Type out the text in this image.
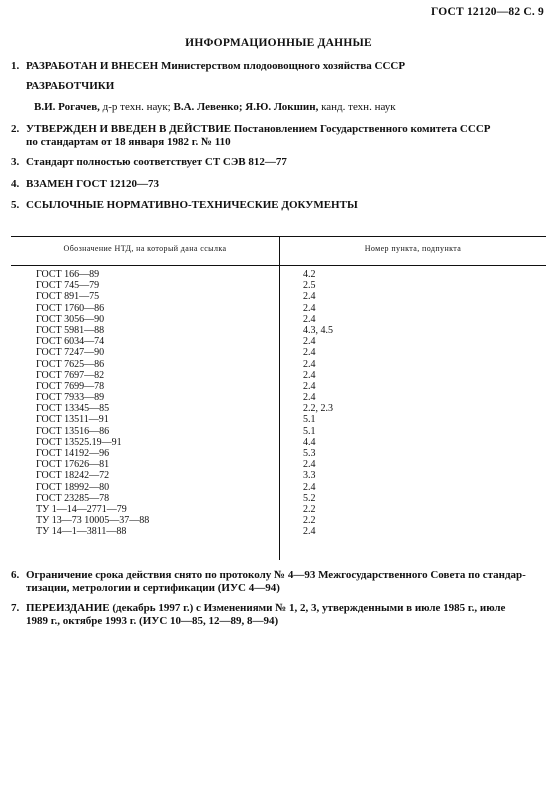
ГОСТ 12120—82 С. 9
ИНФОРМАЦИОННЫЕ ДАННЫЕ
1. РАЗРАБОТАН И ВНЕСЕН Министерством плодоовощного хозяйства СССР
РАЗРАБОТЧИКИ
В.И. Рогачев, д-р техн. наук; В.А. Левенко; Я.Ю. Локшин, канд. техн. наук
2. УТВЕРЖДЕН И ВВЕДЕН В ДЕЙСТВИЕ Постановлением Государственного комитета СССР
по стандартам от 18 января 1982 г. № 110
3. Стандарт полностью соответствует СТ СЭВ 812—77
4. ВЗАМЕН ГОСТ 12120—73
5. ССЫЛОЧНЫЕ НОРМАТИВНО-ТЕХНИЧЕСКИЕ ДОКУМЕНТЫ
Обозначение НТД, на который дана ссылка	Номер пункта, подпункта
ГОСТ 166—89
ГОСТ 745—79
ГОСТ 891—75
ГОСТ 1760—86
ГОСТ 3056—90
ГОСТ 5981—88
ГОСТ 6034—74
ГОСТ 7247—90
ГОСТ 7625—86
ГОСТ 7697—82
ГОСТ 7699—78
ГОСТ 7933—89
ГОСТ 13345—85
ГОСТ 13511—91
ГОСТ 13516—86
ГОСТ 13525.19—91
ГОСТ 14192—96
ГОСТ 17626—81
ГОСТ 18242—72
ГОСТ 18992—80
ГОСТ 23285—78
ТУ 1—14—2771—79
ТУ 13—73 10005—37—88
ТУ 14—1—3811—88
4.2
2.5
2.4
2.4
2.4
4.3, 4.5
2.4
2.4
2.4
2.4
2.4
2.4
2.2, 2.3
5.1
5.1
4.4
5.3
2.4
3.3
2.4
5.2
2.2
2.2
2.4
6. Ограничение срока действия снято по протоколу № 4—93 Межгосударственного Совета по стандар-
тизации, метрологии и сертификации (ИУС 4—94)
7. ПЕРЕИЗДАНИЕ (декабрь 1997 г.) с Изменениями № 1, 2, 3, утвержденными в июле 1985 г., июле
1989 г., октябре 1993 г. (ИУС 10—85, 12—89, 8—94)
